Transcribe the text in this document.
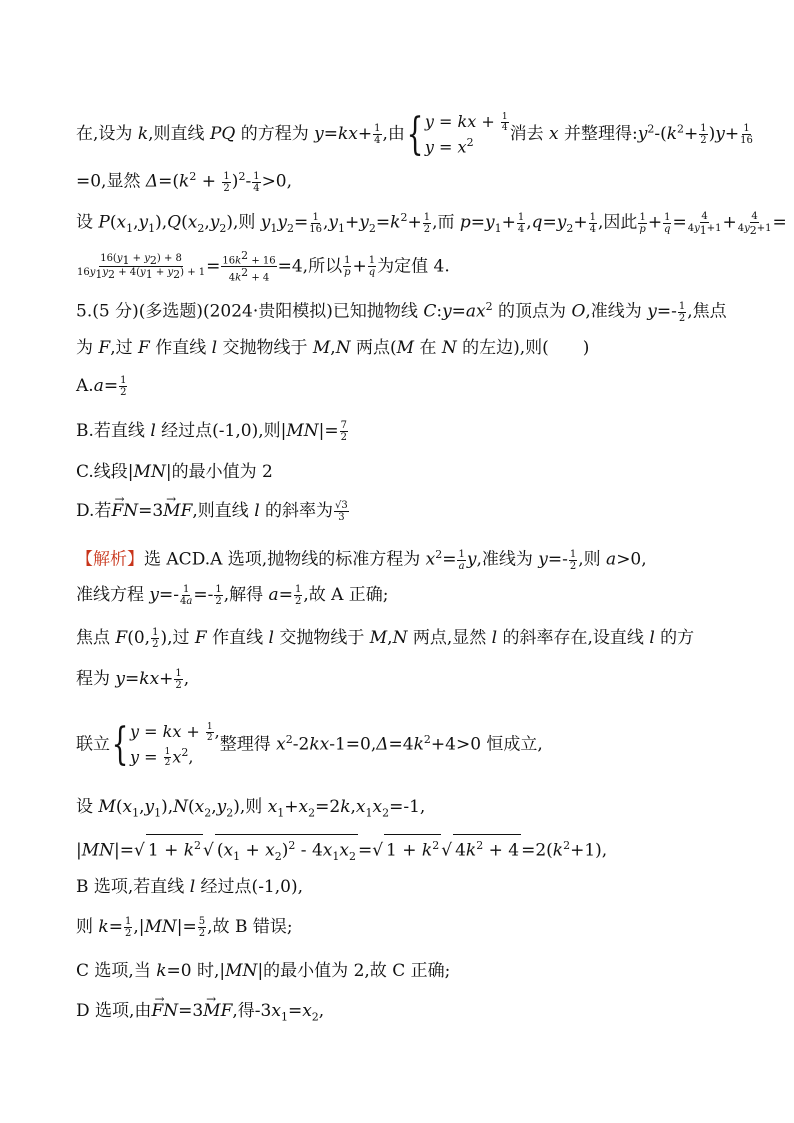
在,设为 k,则直线 PQ 的方程为 $y=kx+ \frac{1}{4}$ ,由{ y = kx + $\frac{1}{4}$
$y = x^2$	消去 x 并整理得$:y^2-(k^2+ \frac{1}{2} )y+ \frac{1}{16}$
=0,显然 $\Delta=(k^2 + \frac{1}{2} )^2- \frac{1}{4} >0$,
设 $P(x_1,y_1),Q(x_2,y_2)$,则 $y_1y_2= \frac{1}{16} ,y_1+y_2=k^2+ \frac{1}{2}$ ,而 $p=y_1+ \frac{1}{4} ,q=y_2+ \frac{1}{4}$ ,因此 $\frac{1}{p} + \frac{1}{q} = \frac{4}{4y_1+1} + \frac{4}{4y_2+1}$ =
$\frac{16(y_1 + y_2) + 8}{16y_1y_2 + 4(y_1 + y_2) + 1} = \frac{16k^2 + 16}{4k^2 + 4} =4$,所以 $\frac{1}{p} + \frac{1}{q}$ 为定值 4.
5.(5 分)(多选题)(2024·贵阳模拟)已知抛物线 $C:y=ax^2$ 的顶点为 O,准线为 $y=- \frac{1}{2}$ ,焦点
为 F,过 F 作直线 l 交抛物线于 M,N 两点(M 在 N 的左边),则(　　)
$A.a= \frac{1}{2}$
B.若直线 l 经过点(-1,0),则$|MN|= \frac{7}{2}$
C.线段|MN|的最小值为 2
D.若→ FN=3→ MF,则直线 l 的斜率为 $\frac{√3}{3}$
【解析】选 ACD.A 选项,抛物线的标准方程为 $x^2= \frac{1}{a} y$,准线为 $y=- \frac{1}{2}$ ,则 a>0,
准线方程 $y=- \frac{1}{4a} =- \frac{1}{2}$ ,解得 $a= \frac{1}{2}$ ,故 A 正确;
焦点 F(0, $\frac{1}{2}$ ),过 F 作直线 l 交抛物线于 M,N 两点,显然 l 的斜率存在,设直线 l 的方
程为 $y=kx+ \frac{1}{2}$ ,
联立{ y = kx + $\frac{1}{2}$ ,
$y = \frac{1}{2} x^2$,
整理得 $x^2-2kx-1=0,\Delta=4k^2+4>0$ 恒成立,
设 $M(x_1,y_1),N(x_2,y_2)$,则 $x_1+x_2=2k,x_1x_2=-1$,
|MN|=√ $1 + k^2$ √ $(x_1 + x_2)^2 - 4x_1x_2$ =√ $1 + k^2$ √ $4k^2 + 4 =2(k^2+1)$,
B 选项,若直线 l 经过点(-1,0),
则 $k= \frac{1}{2} ,|MN|= \frac{5}{2}$ ,故 B 错误;
C 选项,当 k=0 时,|MN|的最小值为 2,故 C 正确;
D 选项,由→ FN=3→ MF,得$-3x_1=x_2$,
